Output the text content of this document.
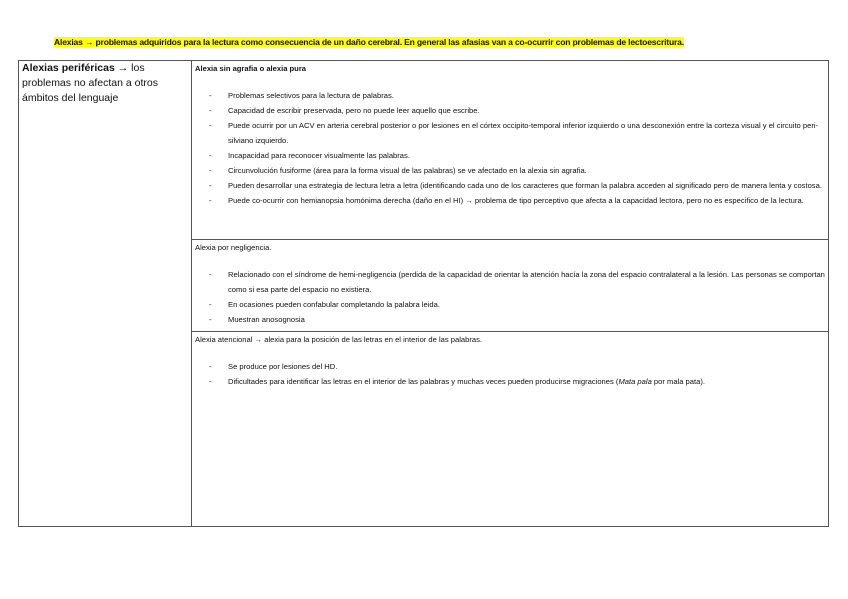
Alexias → problemas adquiridos para la lectura como consecuencia de un daño cerebral. En general las afasias van a co-ocurrir con problemas de lectoescritura.
Alexias periféricas → los problemas no afectan a otros ámbitos del lenguaje	
Alexia sin agrafia o alexia pura
- Problemas selectivos para la lectura de palabras.
- Capacidad de escribir preservada, pero no puede leer aquello que escribe.
- Puede ocurrir por un ACV en arteria cerebral posterior o por lesiones en el córtex occipito-temporal inferior izquierdo o una desconexión entre la corteza visual y el circuito peri-silviano izquierdo.
- Incapacidad para reconocer visualmente las palabras.
- Circunvolución fusiforme (área para la forma visual de las palabras) se ve afectado en la alexia sin agrafia.
- Pueden desarrollar una estrategia de lectura letra a letra (identificando cada uno de los caracteres que forman la palabra acceden al significado pero de manera lenta y costosa.
- Puede co-ocurrir con hemianopsia homónima derecha (daño en el HI) → problema de tipo perceptivo que afecta a la capacidad lectora, pero no es especifico de la lectura.

Alexia por negligencia.
- Relacionado con el síndrome de hemi-negligencia (perdida de la capacidad de orientar la atención hacía la zona del espacio contralateral a la lesión. Las personas se comportan como si esa parte del espacio no existiera.
- En ocasiones pueden confabular completando la palabra leida.
- Muestran anosognosia

Alexia atencional → alexia para la posición de las letras en el interior de las palabras.
- Se produce por lesiones del HD.
- Dificultades para identificar las letras en el interior de las palabras y muchas veces pueden producirse migraciones (Mata pala por mala pata).
